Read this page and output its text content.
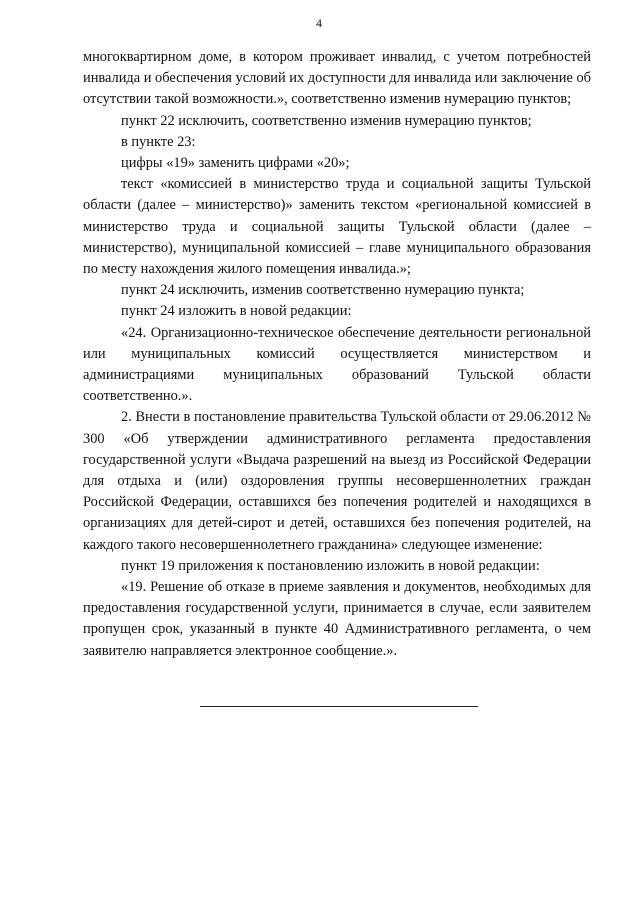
4

многоквартирном доме, в котором проживает инвалид, с учетом потребностей инвалида и обеспечения условий их доступности для инвалида или заключение об отсутствии такой возможности.», соответственно изменив нумерацию пунктов;

пункт 22 исключить, соответственно изменив нумерацию пунктов;

в пункте 23:

цифры «19» заменить цифрами «20»;

текст «комиссией в министерство труда и социальной защиты Тульской области (далее – министерство)» заменить текстом «региональной комиссией в министерство труда и социальной защиты Тульской области (далее – министерство), муниципальной комиссией – главе муниципального образования по месту нахождения жилого помещения инвалида.»;

пункт 24 исключить, изменив соответственно нумерацию пункта;

пункт 24 изложить в новой редакции:

«24. Организационно-техническое обеспечение деятельности региональной или муниципальных комиссий осуществляется министерством и администрациями муниципальных образований Тульской области соответственно.».

2. Внести в постановление правительства Тульской области от 29.06.2012 № 300 «Об утверждении административного регламента предоставления государственной услуги «Выдача разрешений на выезд из Российской Федерации для отдыха и (или) оздоровления группы несовершеннолетних граждан Российской Федерации, оставшихся без попечения родителей и находящихся в организациях для детей-сирот и детей, оставшихся без попечения родителей, на каждого такого несовершеннолетнего гражданина» следующее изменение:

пункт 19 приложения к постановлению изложить в новой редакции:

«19. Решение об отказе в приеме заявления и документов, необходимых для предоставления государственной услуги, принимается в случае, если заявителем пропущен срок, указанный в пункте 40 Административного регламента, о чем заявителю направляется электронное сообщение.».
